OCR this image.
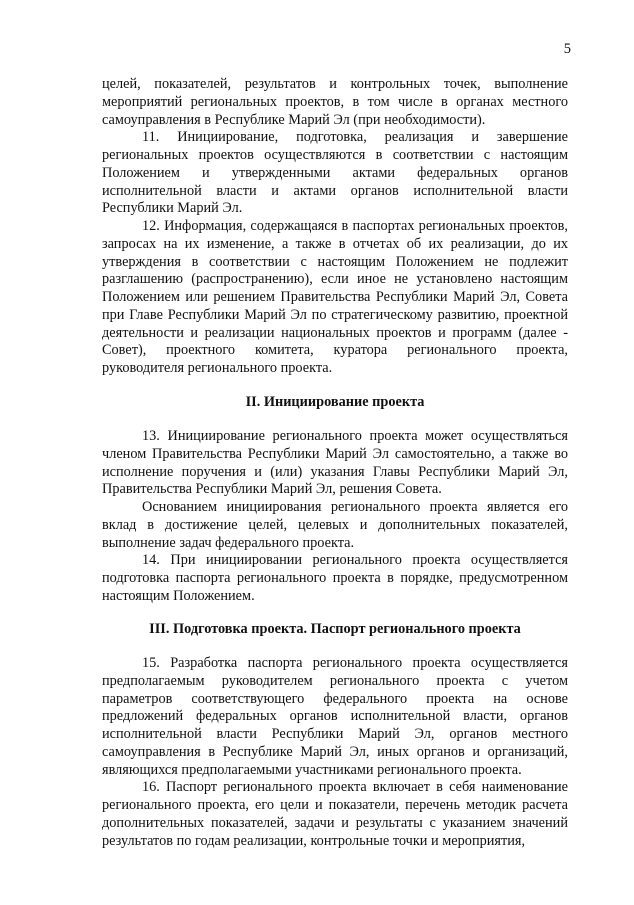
5

целей, показателей, результатов и контрольных точек, выполнение мероприятий региональных проектов, в том числе в органах местного самоуправления в Республике Марий Эл (при необходимости).

11. Инициирование, подготовка, реализация и завершение региональных проектов осуществляются в соответствии с настоящим Положением и утвержденными актами федеральных органов исполнительной власти и актами органов исполнительной власти Республики Марий Эл.

12. Информация, содержащаяся в паспортах региональных проектов, запросах на их изменение, а также в отчетах об их реализации, до их утверждения в соответствии с настоящим Положением не подлежит разглашению (распространению), если иное не установлено настоящим Положением или решением Правительства Республики Марий Эл, Совета при Главе Республики Марий Эл по стратегическому развитию, проектной деятельности и реализации национальных проектов и программ (далее - Совет), проектного комитета, куратора регионального проекта, руководителя регионального проекта.

II. Инициирование проекта

13. Инициирование регионального проекта может осуществляться членом Правительства Республики Марий Эл самостоятельно, а также во исполнение поручения и (или) указания Главы Республики Марий Эл, Правительства Республики Марий Эл, решения Совета.

Основанием инициирования регионального проекта является его вклад в достижение целей, целевых и дополнительных показателей, выполнение задач федерального проекта.

14. При инициировании регионального проекта осуществляется подготовка паспорта регионального проекта в порядке, предусмотренном настоящим Положением.

III. Подготовка проекта. Паспорт регионального проекта

15. Разработка паспорта регионального проекта осуществляется предполагаемым руководителем регионального проекта с учетом параметров соответствующего федерального проекта на основе предложений федеральных органов исполнительной власти, органов исполнительной власти Республики Марий Эл, органов местного самоуправления в Республике Марий Эл, иных органов и организаций, являющихся предполагаемыми участниками регионального проекта.

16. Паспорт регионального проекта включает в себя наименование регионального проекта, его цели и показатели, перечень методик расчета дополнительных показателей, задачи и результаты с указанием значений результатов по годам реализации, контрольные точки и мероприятия,
